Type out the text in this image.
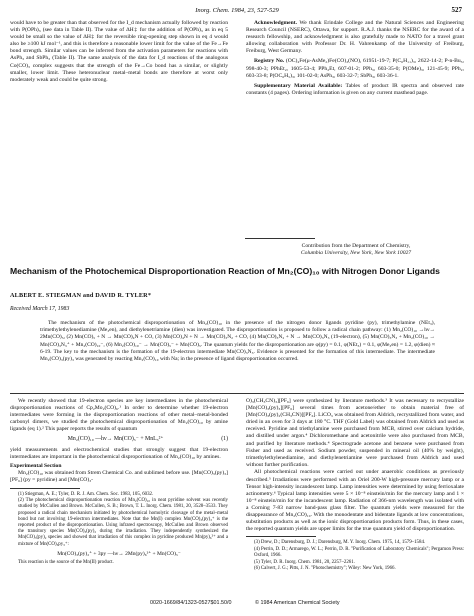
Inorg. Chem. 1984, 23, 527-529	527

would have to be greater than that observed for the I_d mechanism actually followed by reaction with P(OPh)₃ (see data in Table II). The value of ΔH‡ for the addition of P(OPh)₃ as in eq 5 would be small so the value of ΔH‡ for the reversible ring-opening step shown in eq 4 would also be ≥100 kJ mol⁻¹, and this is therefore a reasonable lower limit for the value of the Fe→Fe bond strength. Similar values can be inferred from the activation parameters for reactions with AsPh₃ and SbPh₃ (Table II). The same analysis of the data for I_d reactions of the analogous Co(CO)₃ complex suggests that the strength of the Fe→Co bond has a similar, or slightly smaller, lower limit. These heteronuclear metal–metal bonds are therefore at worst only moderately weak and could be quite strong.

Acknowledgment. We thank Erindale College and the Natural Sciences and Engineering Research Council (NSERC), Ottawa, for support. R.A.J. thanks the NSERC for the award of a research fellowship, and acknowledgment is also gratefully made to NATO for a travel grant allowing collaboration with Professor Dr. H. Vahrenkamp of the University of Freiburg, Freiburg, West Germany.

Registry No. (OC)₄Fe(μ-AsMe₂)Fe(CO)₂(NO), 61951-19-7; P(C₆H₁₁)₃, 2622-14-2; P-n-Bu₃, 998-40-3; PPhEt₂, 1605-53-4; PPh₂Et, 607-01-2; PPh₃, 603-35-0; P(OMe)₃, 121-45-9; PPh₂, 603-33-8; P(OC₆H₅)₃, 101-02-0; AsPh₃, 603-32-7; SbPh₃, 603-36-1.

Supplementary Material Available: Tables of product IR spectra and observed rate constants (4 pages). Ordering information is given on any current masthead page.

Contribution from the Department of Chemistry,
Columbia University, New York, New York 10027
Mechanism of the Photochemical Disproportionation Reaction of Mn₂(CO)₁₀ with Nitrogen Donor Ligands
ALBERT E. STIEGMAN and DAVID R. TYLER*
Received March 17, 1983
The mechanism of the photochemical disproportionation of Mn₂(CO)₁₀ in the presence of the nitrogen donor ligands pyridine (py), trimethylamine (NEt₃), trimethylethylenediamine (Me₃en), and diethylenetriamine (dien) was investigated. The disproportionation is proposed to follow a radical chain pathway: (1) Mn₂(CO)₁₀ →hν→ 2Mn(CO)₅, (2) Mn(CO)₅ + N → Mn(CO)₄N + CO, (3) Mn(CO)₄N + N → Mn(CO)₃N₂ + CO, (4) Mn(CO)₃N₂ + N → Mn(CO)₃N₃ (19-electron), (5) Mn(CO)₃N₃ + Mn₂(CO)₁₀ → Mn(CO)₃N₃⁺ + Mn₂(CO)₁₀⁻, (6) Mn₂(CO)₁₀⁻ → Mn(CO)₅⁻ + Mn(CO)₅. The quantum yields for the disproportionation are φ(py) = 0.1, φ(NEt₃) = 0.1, φ(Me₃en) = 1.2, φ(dien) ≈ 6-19. The key to the mechanism is the formation of the 19-electron intermediate Mn(CO)₃N₃. Evidence is presented for the formation of this intermediate. The intermediate Mn₂(CO)₃(py)₃ was generated by reacting Mn₂(CO)₁₀ with Na; in the presence of ligand disproportionation occurred.

We recently showed that 19-electron species are key intermediates in the photochemical disproportionation reactions of Cp₂Mo₂(CO)₆.¹ In order to determine whether 19-electron intermediates were forming in the disproportionation reactions of other metal–metal-bonded carbonyl dimers, we studied the photochemical disproportionation of Mn₂(CO)₁₀ by amine ligands (eq 1).² This paper reports the results of quantum

Mn₂(CO)₁₀ —hν→ Mn(CO)₅⁻ + MnL₃²⁺	(1)

yield measurements and electrochemical studies that strongly suggest that 19-electron intermediates are important in the photochemical disproportionation of Mn₂(CO)₁₀ by amines.

Experimental Section

Mn₂(CO)₁₀ was obtained from Strem Chemical Co. and sublimed before use. [Mn(CO)₃(py)₃][PF₆] (py = pyridine) and [Mn(CO)₃-

(1) Stiegman, A. E.; Tyler, D. R. J. Am. Chem. Soc. 1983, 105, 6032.

(2) The photochemical disproportionation reaction of Mn₂(CO)₁₀ in neat pyridine solvent was recently studied by McCullen and Brown. McCullen, S. B.; Brown, T. L. Inorg. Chem. 1981, 20, 3528–3533. They proposed a radical chain mechanism initiated by photochemical homolytic cleavage of the metal–metal bond but not involving 19-electron intermediates. Note that the Mn(I) complex Mn(CO)₃(py)₃⁺ is the reported product of the disproportionation. Using infrared spectroscopy, McCullen and Brown observed the transitory species Mn(CO)₃(py)₂ during the irradiation. They independently synthesized the Mn(CO)₃(py)₂ species and showed that irradiation of this complex in pyridine produced Mn(py)₆²⁺ and a mixture of Mn(CO)₃py₃⁺:

Mn(CO)₃(py)₂⁺ + 3py —hν→ 2Mn(py)₆²⁺ + Mn(CO)₅⁻

This reaction is the source of the Mn(II) product.

O)₃(CH₃CN)₃][PF₆] were synthesized by literature methods.³ It was necessary to recrystallize [Mn(CO)₃(py)₃][PF₆] several times from acetone/ether to obtain material free of [Mn(CO)₃(py)₂(CH₃CN)][PF₆]. LiCO₃ was obtained from Aldrich, recrystallized from water, and dried in an oven for 3 days at 180 °C. THF (Gold Label) was obtained from Aldrich and used as received. Pyridine and triethylamine were purchased from MCB, stirred over calcium hydride, and distilled under argon.⁴ Dichloromethane and acetonitrile were also purchased from MCB, and purified by literature methods.⁴ Spectrograde acetone and benzene were purchased from Fisher and used as received. Sodium powder, suspended in mineral oil (40% by weight), trimethylethylenediamine, and diethylenetriamine were purchased from Aldrich and used without further purification.

All photochemical reactions were carried out under anaerobic conditions as previously described.⁵ Irradiations were performed with an Oriel 200-W high-pressure mercury lamp or a Tensor high-intensity incandescent lamp. Lamp intensities were determined by using ferrioxalate actinometry.⁶ Typical lamp intensities were 5 × 10⁻⁸ einstein/min for the mercury lamp and 1 × 10⁻⁸ einstein/min for the incandescent lamp. Radiation of 366-nm wavelength was isolated with a Corning 7-83 narrow band-pass glass filter. The quantum yields were measured for the disappearance of Mn₂(CO)₁₀. With the monodentate and bidentate ligands at low concentrations, substitution products as well as the ionic disproportionation products form. Thus, in these cases, the reported quantum yields are upper limits for the true quantum yield of disproportionation.

(3) Drew, D.; Darensburg, D. J.; Darensburg, M. Y. Inorg. Chem. 1975, 14, 1579–1584.

(4) Perrin, D. D.; Armarego, W. L.; Perrin, D. R. "Purification of Laboratory Chemicals"; Pergamon Press: Oxford, 1966.

(5) Tyler, D. R. Inorg. Chem. 1981, 20, 2257–2261.

(6) Calvert, J. G.; Pitts, J. N. "Photochemistry"; Wiley: New York, 1966.

0020-1669/84/1323-0527$01.50/0	© 1984 American Chemical Society
